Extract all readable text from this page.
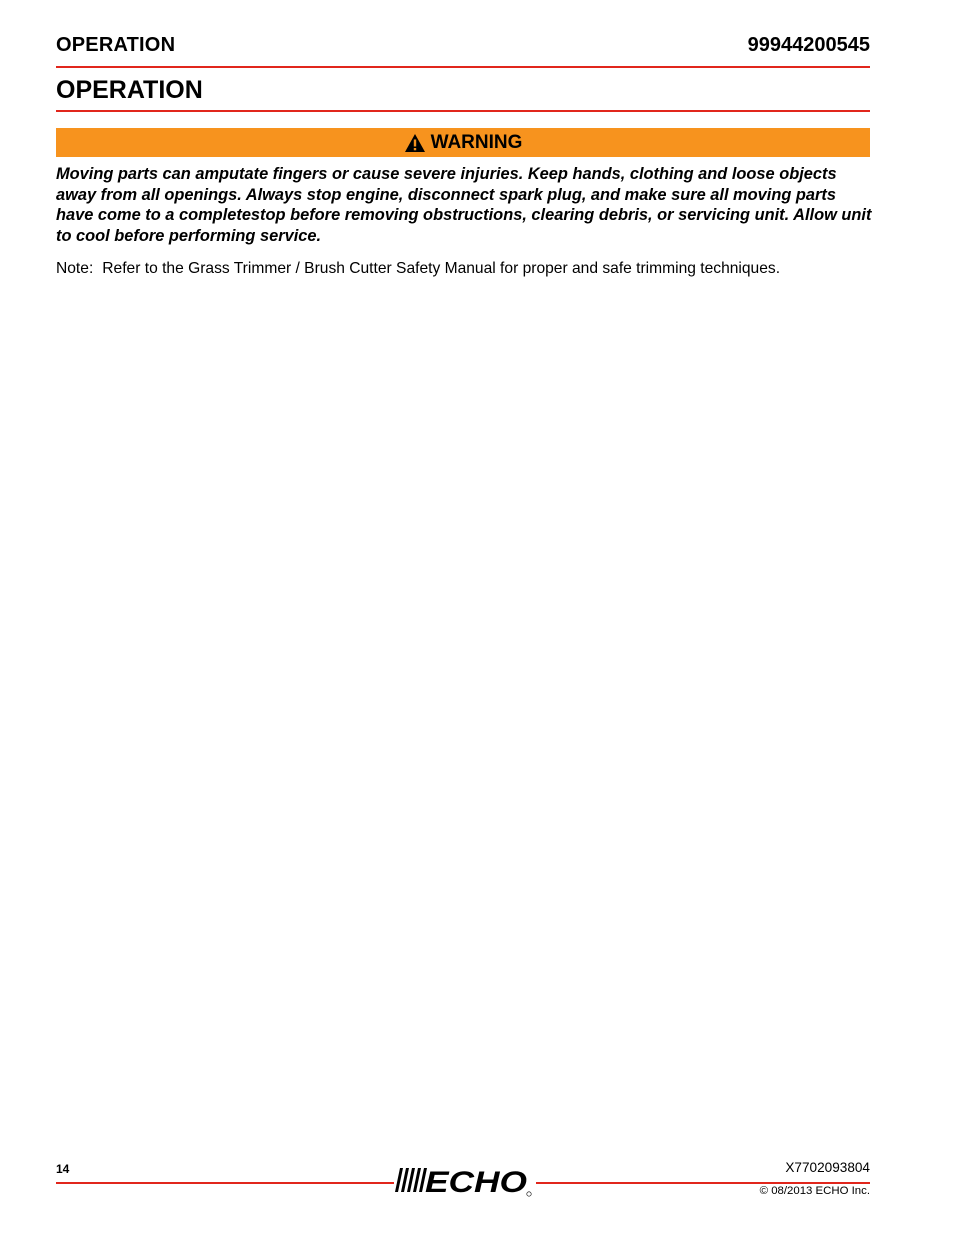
OPERATION	99944200545
OPERATION
WARNING
Moving parts can amputate fingers or cause severe injuries. Keep hands, clothing and loose objects away from all openings. Always stop engine, disconnect spark plug, and make sure all moving parts have come to a completestop before removing obstructions, clearing debris, or servicing unit. Allow unit to cool before performing service.
Note: Refer to the Grass Trimmer / Brush Cutter Safety Manual for proper and safe trimming techniques.
14	ECHO	X7702093804
© 08/2013 ECHO Inc.
